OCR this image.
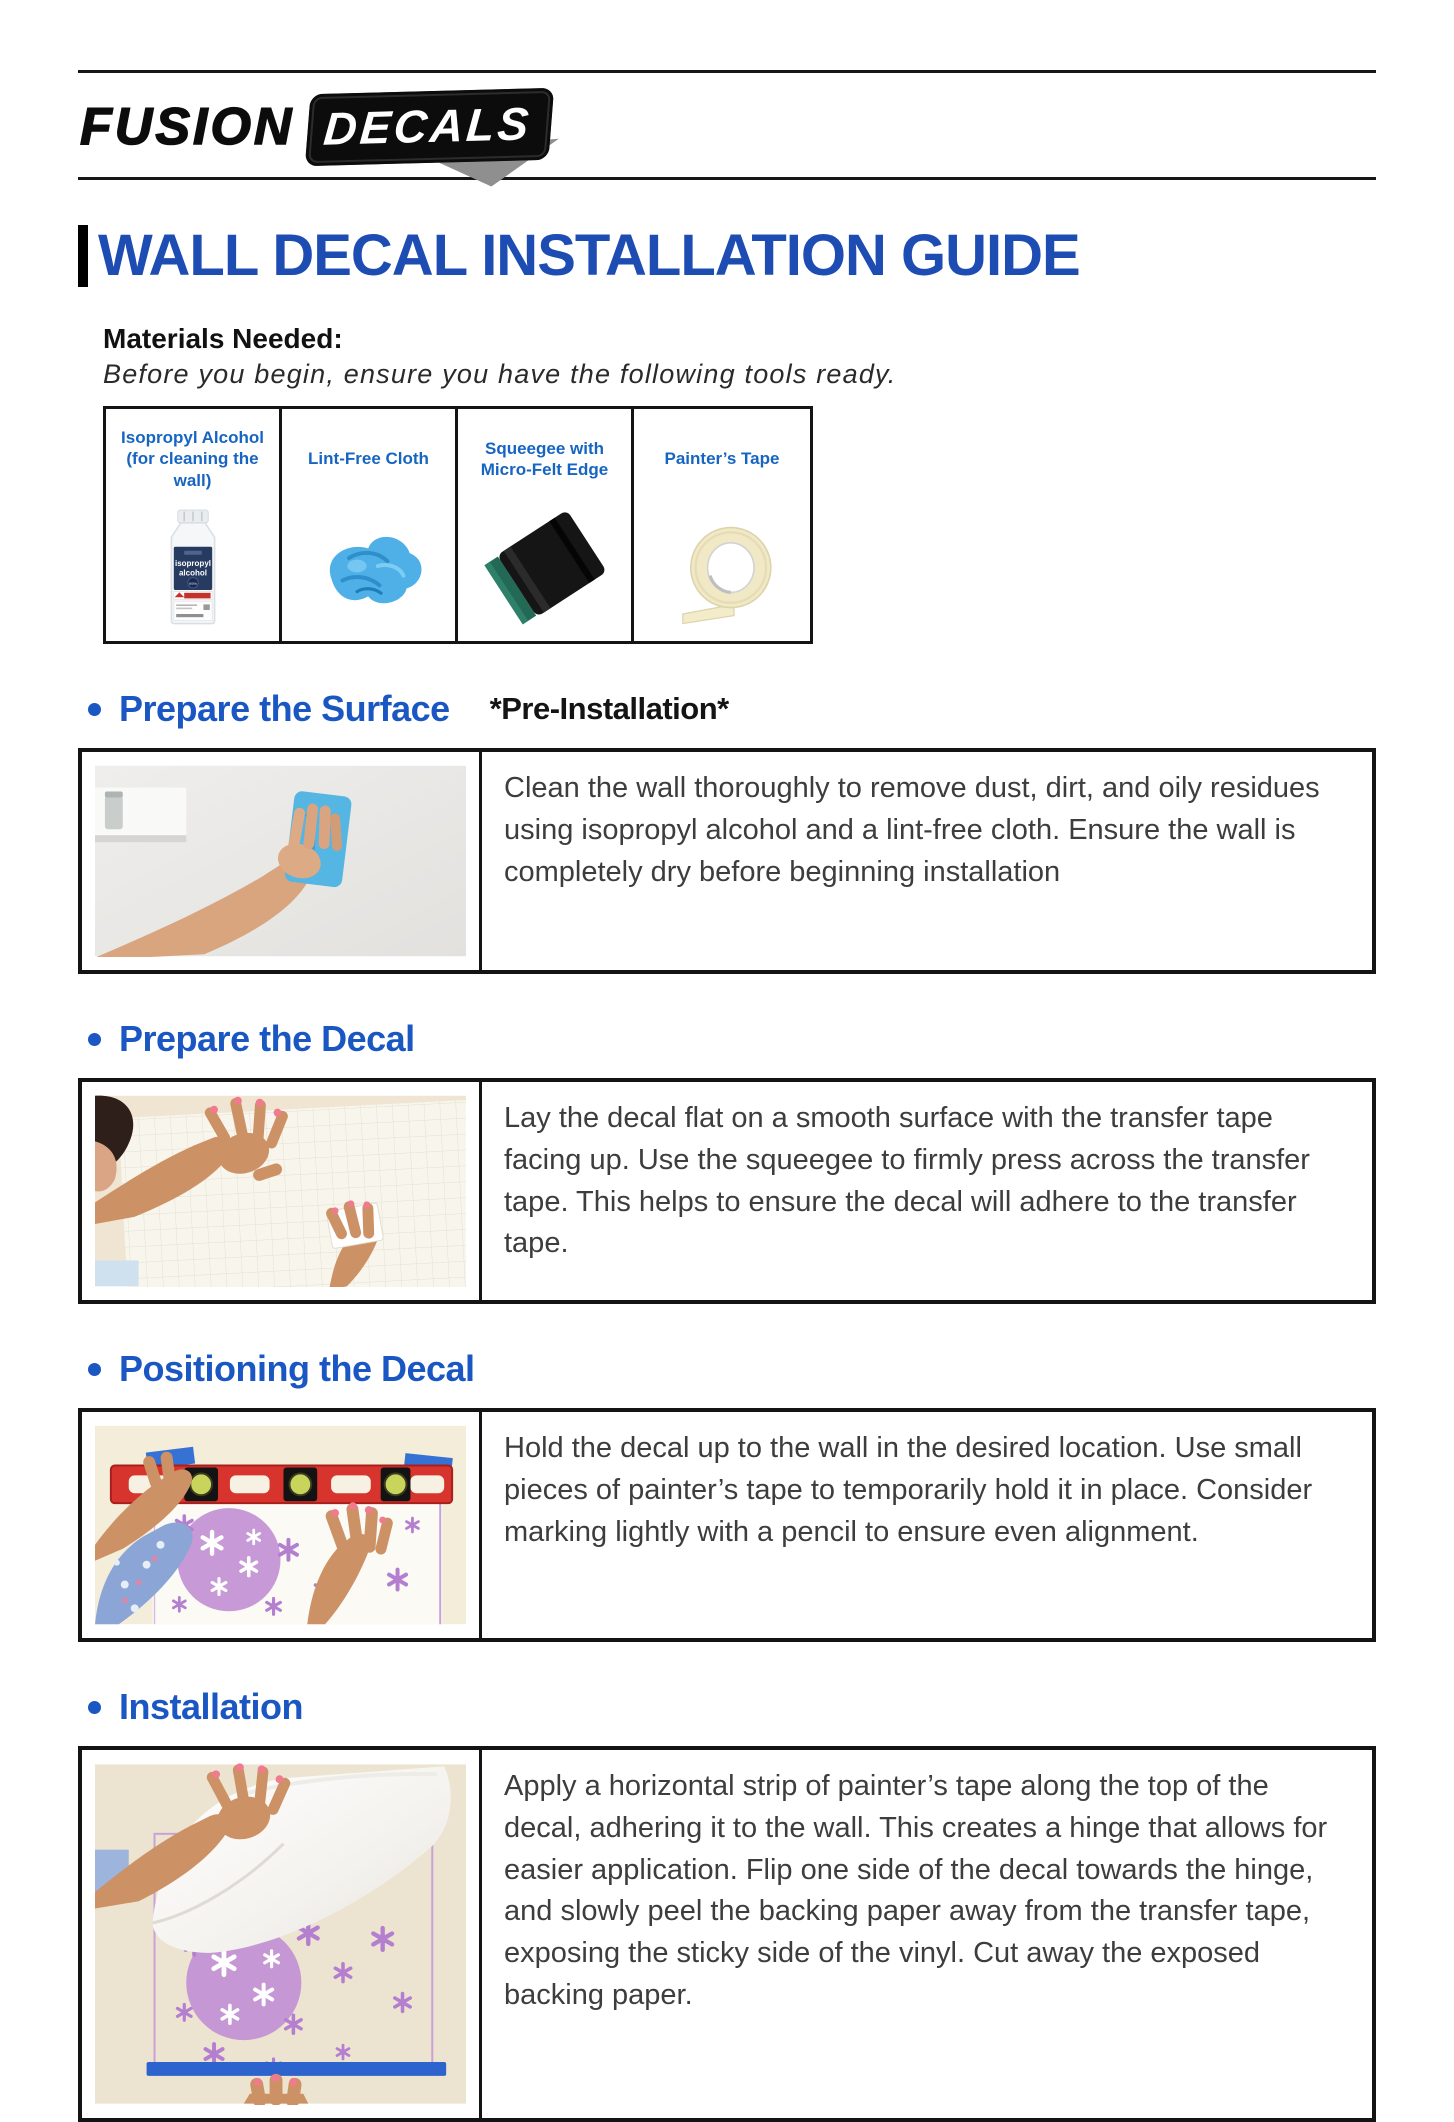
FUSION DECALS
WALL DECAL INSTALLATION GUIDE

Materials Needed:

Before you begin, ensure you have the following tools ready.

Isopropyl Alcohol (for cleaning the wall)
isopropyl
alcohol
99%
Lint-Free Cloth
Squeegee with Micro-Felt Edge
Painter’s Tape
Prepare the Surface *Pre-Installation*
Clean the wall thoroughly to remove dust, dirt, and oily residues using isopropyl alcohol and a lint-free cloth. Ensure the wall is completely dry before beginning installation
Prepare the Decal
Lay the decal flat on a smooth surface with the transfer tape facing up. Use the squeegee to firmly press across the transfer tape. This helps to ensure the decal will adhere to the transfer tape.
Positioning the Decal
Hold the decal up to the wall in the desired location. Use small pieces of painter’s tape to temporarily hold it in place. Consider marking lightly with a pencil to ensure even alignment.
Installation
Apply a horizontal strip of painter’s tape along the top of the decal, adhering it to the wall. This creates a hinge that allows for easier application. Flip one side of the decal towards the hinge, and slowly peel the backing paper away from the transfer tape, exposing the sticky side of the vinyl. Cut away the exposed backing paper.
